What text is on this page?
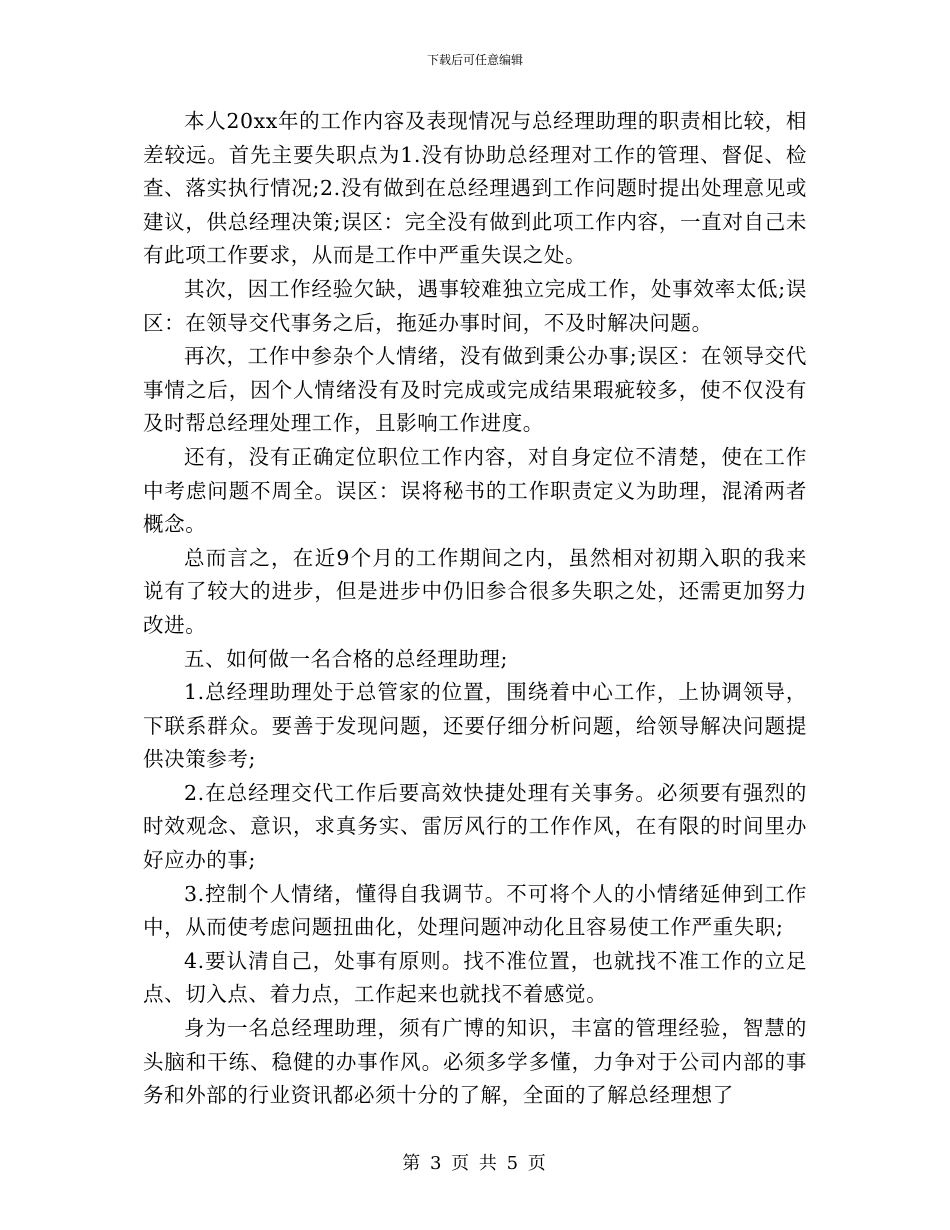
下载后可任意编辑

本人20xx年的工作内容及表现情况与总经理助理的职责相比较，相差较远。首先主要失职点为1.没有协助总经理对工作的管理、督促、检查、落实执行情况;2.没有做到在总经理遇到工作问题时提出处理意见或建议，供总经理决策;误区：完全没有做到此项工作内容，一直对自己未有此项工作要求，从而是工作中严重失误之处。

其次，因工作经验欠缺，遇事较难独立完成工作，处事效率太低;误区：在领导交代事务之后，拖延办事时间，不及时解决问题。

再次，工作中参杂个人情绪，没有做到秉公办事;误区：在领导交代事情之后，因个人情绪没有及时完成或完成结果瑕疵较多，使不仅没有及时帮总经理处理工作，且影响工作进度。

还有，没有正确定位职位工作内容，对自身定位不清楚，使在工作中考虑问题不周全。误区：误将秘书的工作职责定义为助理，混淆两者概念。

总而言之，在近9个月的工作期间之内，虽然相对初期入职的我来说有了较大的进步，但是进步中仍旧参合很多失职之处，还需更加努力改进。

五、如何做一名合格的总经理助理;

1.总经理助理处于总管家的位置，围绕着中心工作，上协调领导，下联系群众。要善于发现问题，还要仔细分析问题，给领导解决问题提供决策参考;

2.在总经理交代工作后要高效快捷处理有关事务。必须要有强烈的时效观念、意识，求真务实、雷厉风行的工作作风，在有限的时间里办好应办的事;

3.控制个人情绪，懂得自我调节。不可将个人的小情绪延伸到工作中，从而使考虑问题扭曲化，处理问题冲动化且容易使工作严重失职;

4.要认清自己，处事有原则。找不准位置，也就找不准工作的立足点、切入点、着力点，工作起来也就找不着感觉。

身为一名总经理助理，须有广博的知识，丰富的管理经验，智慧的头脑和干练、稳健的办事作风。必须多学多懂，力争对于公司内部的事务和外部的行业资讯都必须十分的了解，全面的了解总经理想了

第 3 页 共 5 页
